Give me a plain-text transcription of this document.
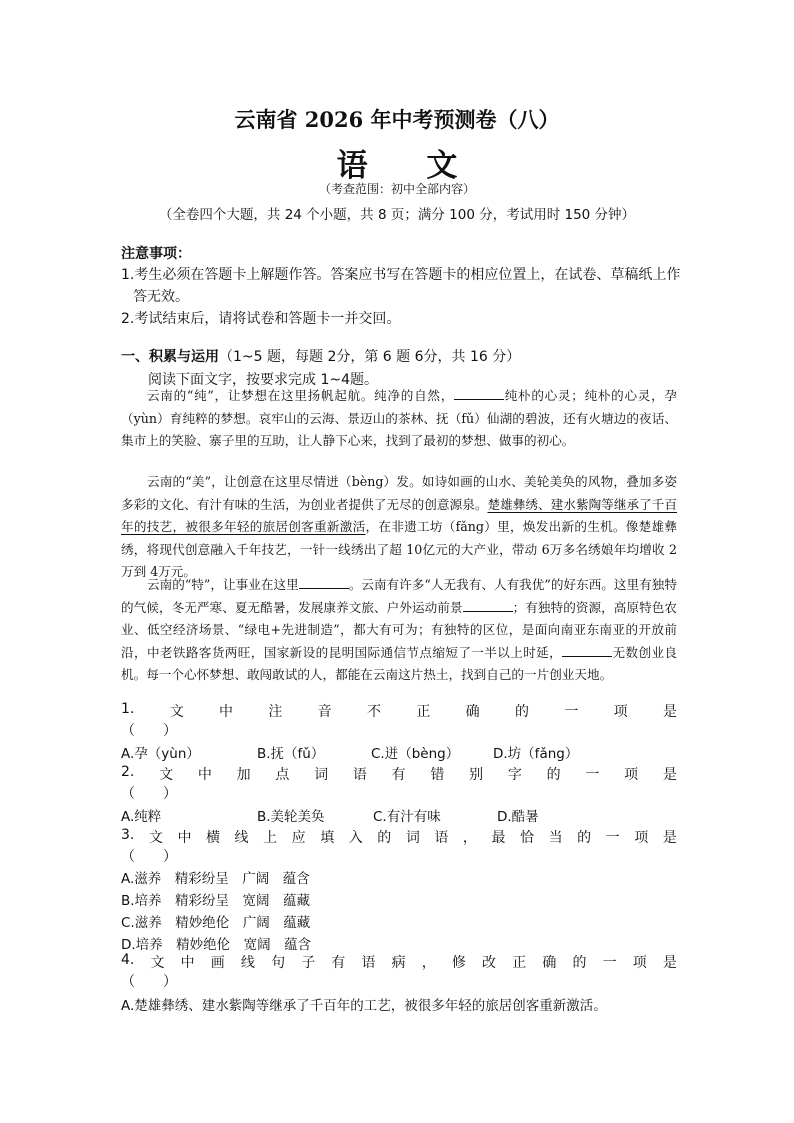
云南省 2026 年中考预测卷（八）
语 文
（考查范围：初中全部内容）
（全卷四个大题，共 24 个小题，共 8 页；满分 100 分，考试用时 150 分钟）
注意事项：
1.考生必须在答题卡上解题作答。答案应书写在答题卡的相应位置上，在试卷、草稿纸上作
答无效。
2.考试结束后，请将试卷和答题卡一并交回。
一、积累与运用（1~5 题，每题 2分，第 6 题 6分，共 16 分）
阅读下面文字，按要求完成 1~4题。
云南的“纯”，让梦想在这里扬帆起航。纯净的自然，	纯朴的心灵；纯朴的心灵，孕（yùn）育纯粹的梦想。哀牢山的云海、景迈山的茶林、抚（fǔ）仙湖的碧波，还有火塘边的夜话、集市上的笑脸、寨子里的互助，让人静下心来，找到了最初的梦想、做事的初心。
云南的“美”，让创意在这里尽情迸（bèng）发。如诗如画的山水、美轮美奂的风物，叠加多姿多彩的文化、有汁有味的生活，为创业者提供了无尽的创意源泉。楚雄彝绣、建水紫陶等继承了千百年的技艺，被很多年轻的旅居创客重新激活，在非遗工坊（fǎng）里，焕发出新的生机。像楚雄彝绣，将现代创意融入千年技艺，一针一线绣出了超 10亿元的大产业，带动 6万多名绣娘年均增收 2万到 4万元。
云南的“特”，让事业在这里	。云南有许多“人无我有、人有我优”的好东西。这里有独特的气候，冬无严寒、夏无酷暑，发展康养文旅、户外运动前景	；有独特的资源，高原特色农业、低空经济场景、“绿电+先进制造”，都大有可为；有独特的区位，是面向南亚东南亚的开放前沿，中老铁路客货两旺，国家新设的昆明国际通信节点缩短了一半以上时延，	无数创业良机。每一个心怀梦想、敢闯敢试的人，都能在云南这片热土，找到自己的一片创业天地。
1.	文	中	注	音	不	正	确	的	一	项	是
（　　）
A.孕（yùn）	B.抚（fǔ）	C.迸（bèng）	D.坊（fǎng）
2. 文 中 加 点 词 语 有 错 别 字 的 一 项 是
（　　）
A.纯粹	B.美轮美奂	C.有汁有味	D.酷暑
3. 文 中 横 线 上 应 填 入 的 词 语 ， 最 恰 当 的 一 项 是
（　　）
A.滋养　精彩纷呈　广阔　蕴含
B.培养　精彩纷呈　宽阔　蕴藏
C.滋养　精妙绝伦　广阔　蕴藏
D.培养　精妙绝伦　宽阔　蕴含
4. 文 中 画 线 句 子 有 语 病 ， 修 改 正 确 的 一 项 是
（　　）
A.楚雄彝绣、建水紫陶等继承了千百年的工艺，被很多年轻的旅居创客重新激活。
